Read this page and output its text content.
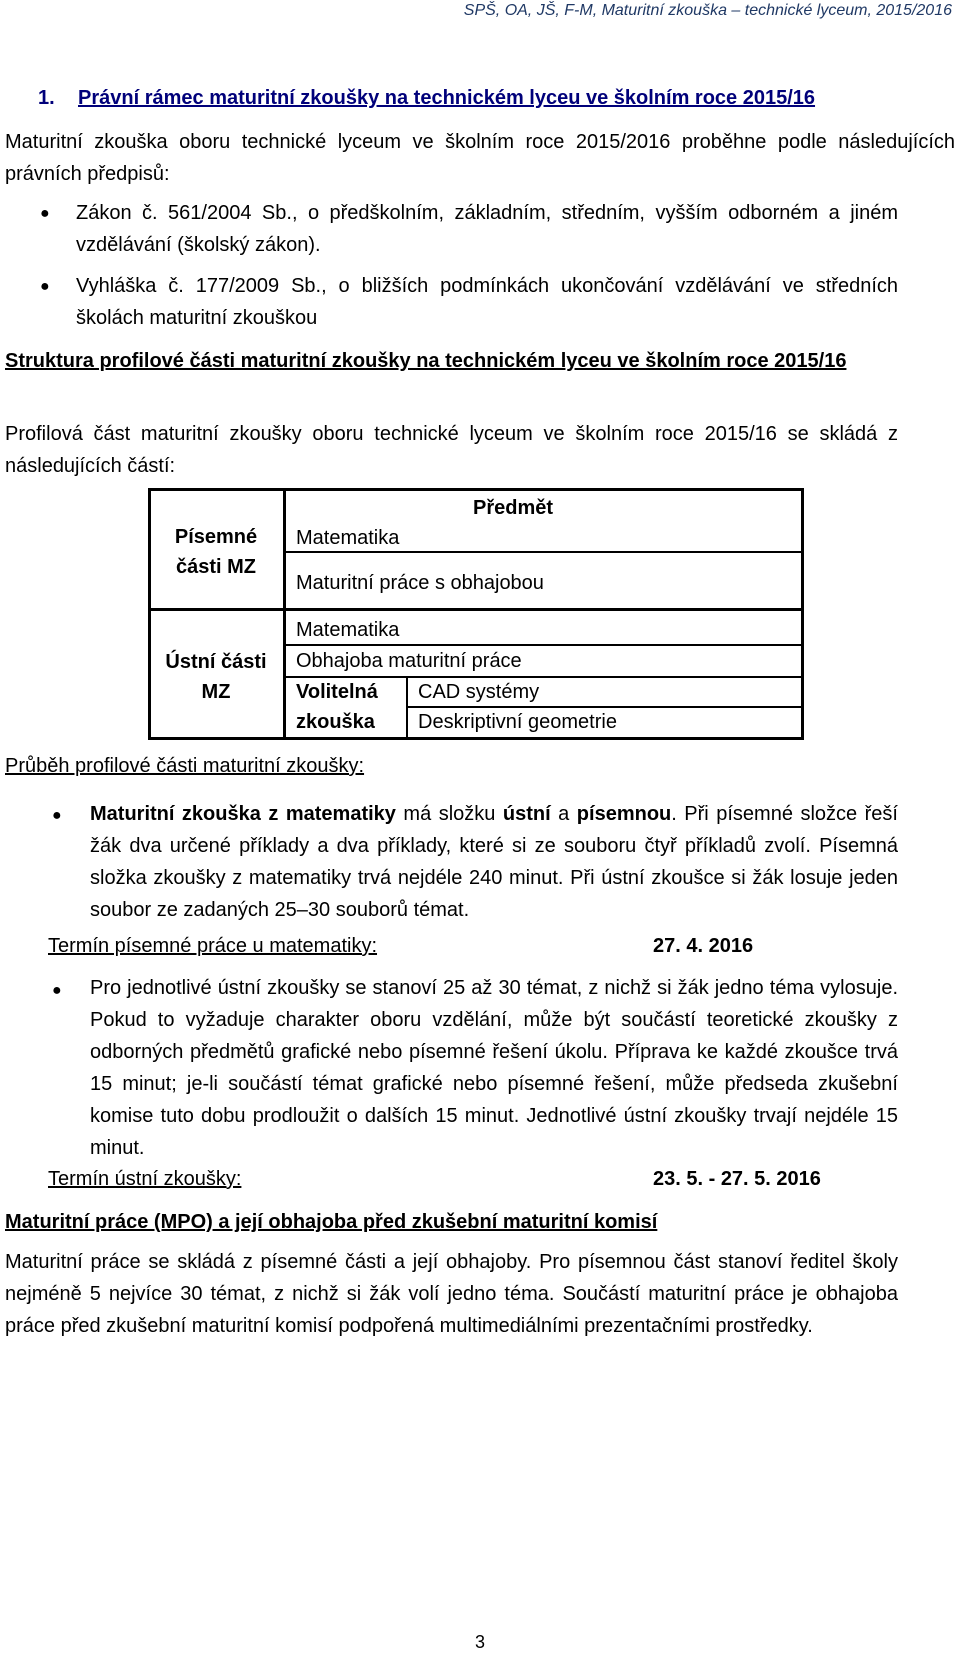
SPŠ, OA, JŠ, F-M, Maturitní zkouška – technické lyceum, 2015/2016
1. Právní rámec maturitní zkoušky na technickém lyceu ve školním roce 2015/16
Maturitní zkouška oboru technické lyceum ve školním roce 2015/2016 proběhne podle následujících právních předpisů:
● Zákon č. 561/2004 Sb., o předškolním, základním, středním, vyšším odborném a jiném vzdělávání (školský zákon).
● Vyhláška č. 177/2009 Sb., o bližších podmínkách ukončování vzdělávání ve středních školách maturitní zkouškou
Struktura profilové části maturitní zkoušky na technickém lyceu ve školním roce 2015/16
Profilová část maturitní zkoušky oboru technické lyceum ve školním roce 2015/16 se skládá z následujících částí:
Předmět
Písemné
části MZ
Matematika
Maturitní práce s obhajobou
Ústní části
MZ
Matematika
Obhajoba maturitní práce
Volitelná
zkouška
CAD systémy
Deskriptivní geometrie
Průběh profilové části maturitní zkoušky:
● Maturitní zkouška z matematiky má složku ústní a písemnou. Při písemné složce řeší žák dva určené příklady a dva příklady, které si ze souboru čtyř příkladů zvolí. Písemná složka zkoušky z matematiky trvá nejdéle 240 minut. Při ústní zkoušce si žák losuje jeden soubor ze zadaných 25–30 souborů témat.
Termín písemné práce u matematiky:	27. 4. 2016
● Pro jednotlivé ústní zkoušky se stanoví 25 až 30 témat, z nichž si žák jedno téma vylosuje. Pokud to vyžaduje charakter oboru vzdělání, může být součástí teoretické zkoušky z odborných předmětů grafické nebo písemné řešení úkolu. Příprava ke každé zkoušce trvá 15 minut; je-li součástí témat grafické nebo písemné řešení, může předseda zkušební komise tuto dobu prodloužit o dalších 15 minut. Jednotlivé ústní zkoušky trvají nejdéle 15 minut.
Termín ústní zkoušky:	23. 5. - 27. 5. 2016
Maturitní práce (MPO) a její obhajoba před zkušební maturitní komisí
Maturitní práce se skládá z písemné části a její obhajoby. Pro písemnou část stanoví ředitel školy nejméně 5 nejvíce 30 témat, z nichž si žák volí jedno téma. Součástí maturitní práce je obhajoba práce před zkušební maturitní komisí podpořená multimediálními prezentačními prostředky.
3
